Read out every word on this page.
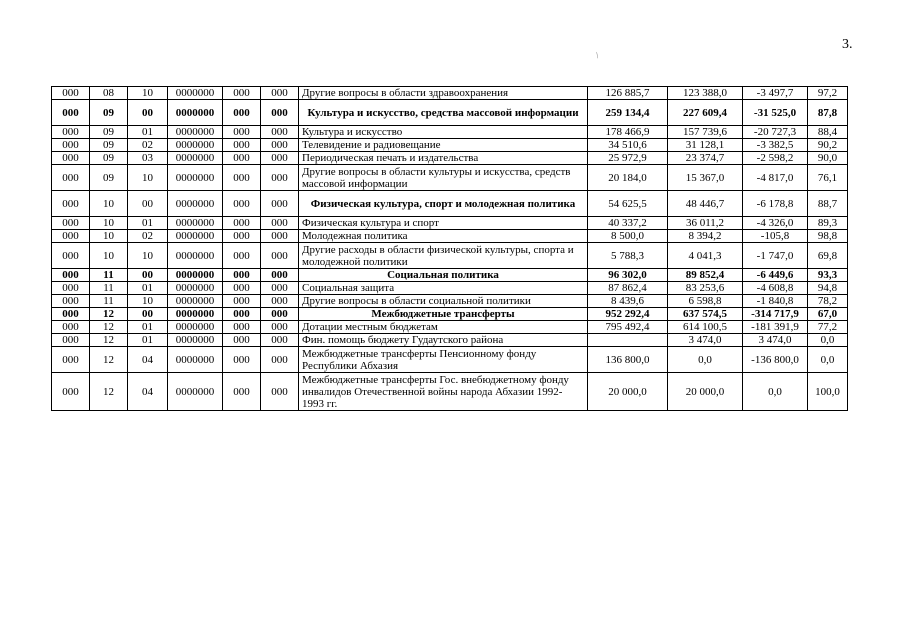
3.
/
000	08	10	0000000	000	000	Другие вопросы в области здравоохранения	126 885,7	123 388,0	-3 497,7	97,2
000	09	00	0000000	000	000	Культура и искусство, средства массовой информации	259 134,4	227 609,4	-31 525,0	87,8
000	09	01	0000000	000	000	Культура и искусство	178 466,9	157 739,6	-20 727,3	88,4
000	09	02	0000000	000	000	Телевидение и радиовещание	34 510,6	31 128,1	-3 382,5	90,2
000	09	03	0000000	000	000	Периодическая печать и издательства	25 972,9	23 374,7	-2 598,2	90,0
000	09	10	0000000	000	000	Другие вопросы в области культуры и искусства, средств массовой информации	20 184,0	15 367,0	-4 817,0	76,1
000	10	00	0000000	000	000	Физическая культура, спорт и молодежная политика	54 625,5	48 446,7	-6 178,8	88,7
000	10	01	0000000	000	000	Физическая культура и спорт	40 337,2	36 011,2	-4 326,0	89,3
000	10	02	0000000	000	000	Молодежная политика	8 500,0	8 394,2	-105,8	98,8
000	10	10	0000000	000	000	Другие расходы в области физической культуры, спорта и молодежной политики	5 788,3	4 041,3	-1 747,0	69,8
000	11	00	0000000	000	000	Социальная политика	96 302,0	89 852,4	-6 449,6	93,3
000	11	01	0000000	000	000	Социальная защита	87 862,4	83 253,6	-4 608,8	94,8
000	11	10	0000000	000	000	Другие вопросы в области социальной политики	8 439,6	6 598,8	-1 840,8	78,2
000	12	00	0000000	000	000	Межбюджетные трансферты	952 292,4	637 574,5	-314 717,9	67,0
000	12	01	0000000	000	000	Дотации местным бюджетам	795 492,4	614 100,5	-181 391,9	77,2
000	12	01	0000000	000	000	Фин. помощь бюджету Гудаутского района		3 474,0	3 474,0	0,0
000	12	04	0000000	000	000	Межбюджетные трансферты Пенсионному фонду Республики Абхазия	136 800,0	0,0	-136 800,0	0,0
000	12	04	0000000	000	000	Межбюджетные трансферты Гос. внебюджетному фонду инвалидов Отечественной войны народа Абхазии 1992-1993 гг.	20 000,0	20 000,0	0,0	100,0
